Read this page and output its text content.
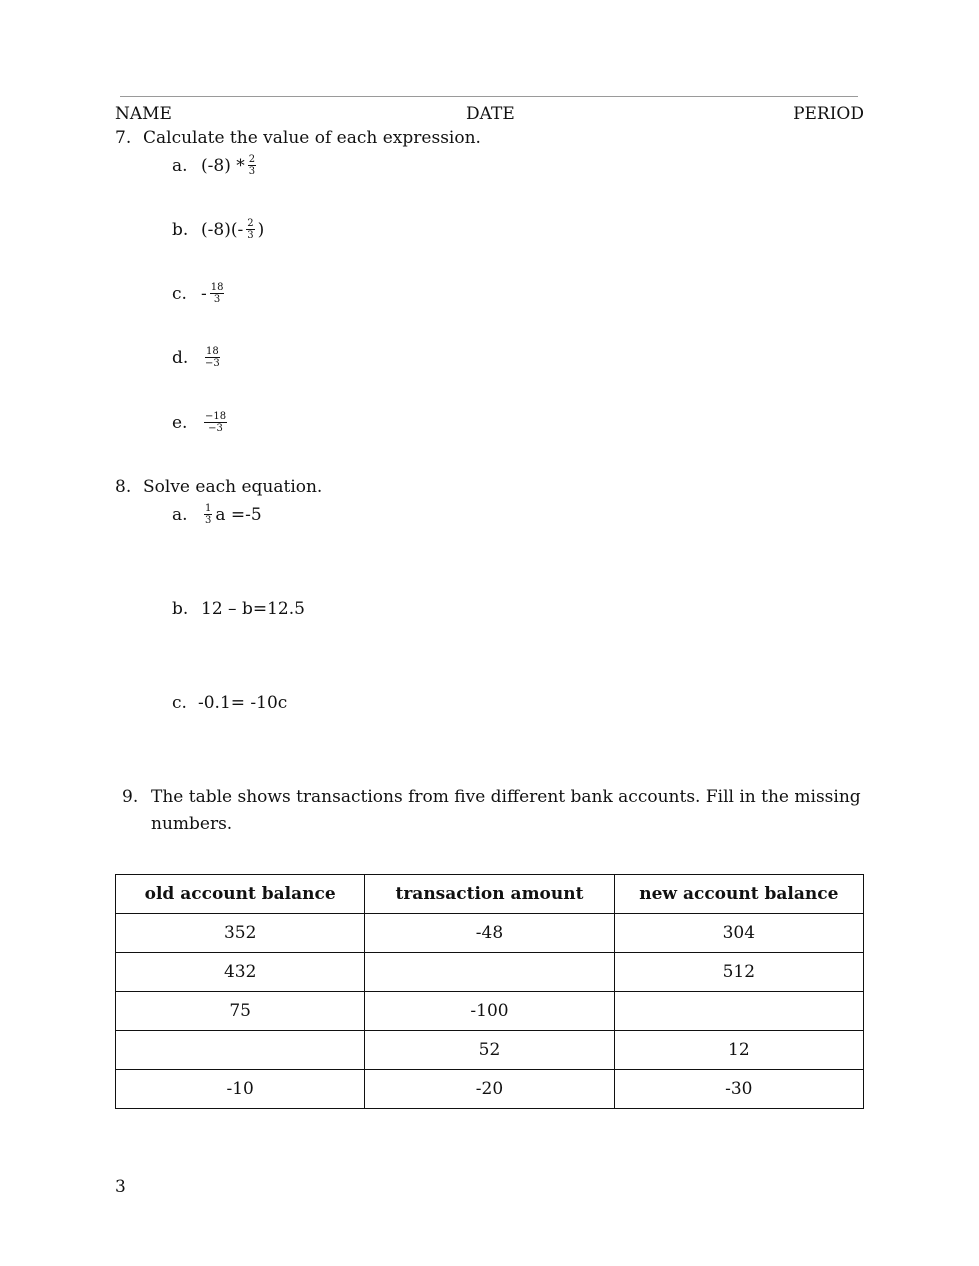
NAME	DATE	PERIOD
7. Calculate the value of each expression.
a. $(-8) * \frac{2}{3}$
b. $(-8)(- \frac{2}{3}$ )
c. - $\frac{18}{3}$
d. $\frac{18}{-3}$
e. $\frac{-18}{-3}$
8. Solve each equation.
a. $\frac{1}{3}$ a =-5
b. 12 – b=12.5
c. -0.1= -10c
9. The table shows transactions from five different bank accounts. Fill in the missing
numbers.
old account balance	transaction amount	new account balance
352	-48	304
432		512
75	-100	
	52	12
-10	-20	-30
3
